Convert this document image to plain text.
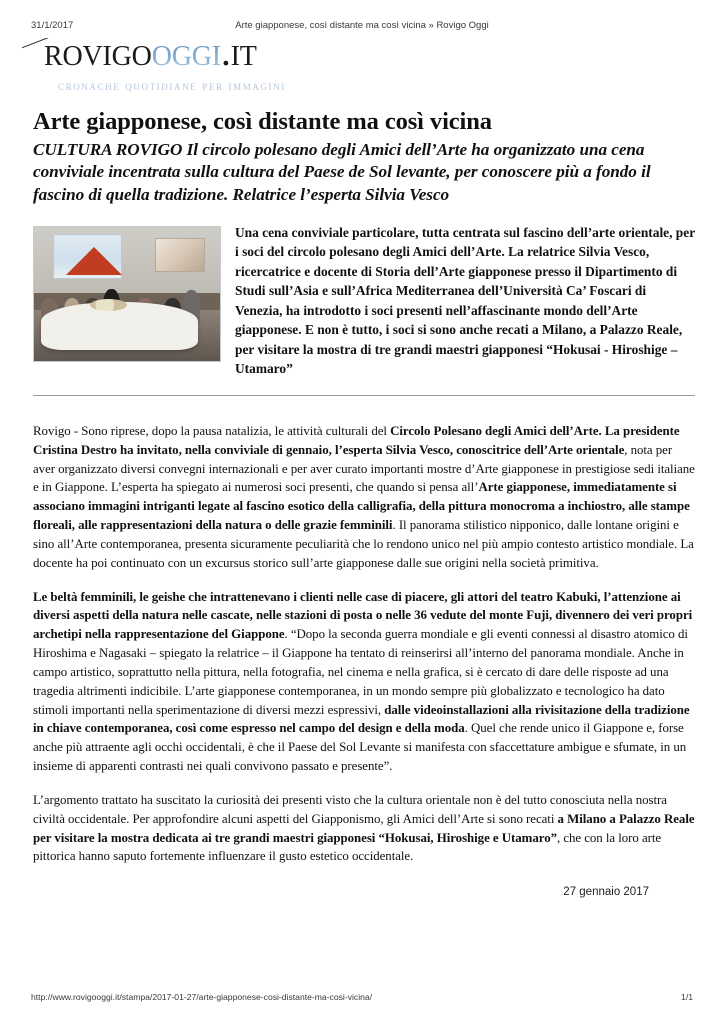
31/1/2017	Arte giapponese, così distante ma così vicina » Rovigo Oggi
rovigooggi.it
cronache quotidiane per immagini
Arte giapponese, così distante ma così vicina

CULTURA ROVIGO Il circolo polesano degli Amici dell’Arte ha organizzato una cena conviviale incentrata sulla cultura del Paese de Sol levante, per conoscere più a fondo il fascino di quella tradizione. Relatrice l’esperta Silvia Vesco

Una cena conviviale particolare, tutta centrata sul fascino dell’arte orientale, per i soci del circolo polesano degli Amici dell’Arte. La relatrice Silvia Vesco, ricercatrice e docente di Storia dell’Arte giapponese presso il Dipartimento di Studi sull’Asia e sull’Africa Mediterranea dell’Università Ca’ Foscari di Venezia, ha introdotto i soci presenti nell’affascinante mondo dell’Arte giapponese. E non è tutto, i soci si sono anche recati a Milano, a Palazzo Reale, per visitare la mostra di tre grandi maestri giapponesi “Hokusai - Hiroshige – Utamaro”

Rovigo - Sono riprese, dopo la pausa natalizia, le attività culturali del Circolo Polesano degli Amici dell’Arte. La presidente Cristina Destro ha invitato, nella conviviale di gennaio, l’esperta Silvia Vesco, conoscitrice dell’Arte orientale, nota per aver organizzato diversi convegni internazionali e per aver curato importanti mostre d’Arte giapponese in prestigiose sedi italiane e in Giappone. L’esperta ha spiegato ai numerosi soci presenti, che quando si pensa all’Arte giapponese, immediatamente si associano immagini intriganti legate al fascino esotico della calligrafia, della pittura monocroma a inchiostro, alle stampe floreali, alle rappresentazioni della natura o delle grazie femminili. Il panorama stilistico nipponico, dalle lontane origini e sino all’Arte contemporanea, presenta sicuramente peculiarità che lo rendono unico nel più ampio contesto artistico mondiale. La docente ha poi continuato con un excursus storico sull’arte giapponese dalle sue origini nella società primitiva.

Le beltà femminili, le geishe che intrattenevano i clienti nelle case di piacere, gli attori del teatro Kabuki, l’attenzione ai diversi aspetti della natura nelle cascate, nelle stazioni di posta o nelle 36 vedute del monte Fuji, divennero dei veri propri archetipi nella rappresentazione del Giappone. “Dopo la seconda guerra mondiale e gli eventi connessi al disastro atomico di Hiroshima e Nagasaki – spiegato la relatrice – il Giappone ha tentato di reinserirsi all’interno del panorama mondiale. Anche in campo artistico, soprattutto nella pittura, nella fotografia, nel cinema e nella grafica, si è cercato di dare delle risposte ad una tragedia altrimenti indicibile. L’arte giapponese contemporanea, in un mondo sempre più globalizzato e tecnologico ha dato stimoli importanti nella sperimentazione di diversi mezzi espressivi, dalle videoinstallazioni alla rivisitazione della tradizione in chiave contemporanea, così come espresso nel campo del design e della moda. Quel che rende unico il Giappone e, forse anche più attraente agli occhi occidentali, è che il Paese del Sol Levante si manifesta con sfaccettature ambigue e sfumate, in un insieme di apparenti contrasti nei quali convivono passato e presente”.

L’argomento trattato ha suscitato la curiosità dei presenti visto che la cultura orientale non è del tutto conosciuta nella nostra civiltà occidentale. Per approfondire alcuni aspetti del Giapponismo, gli Amici dell’Arte si sono recati a Milano a Palazzo Reale per visitare la mostra dedicata ai tre grandi maestri giapponesi “Hokusai, Hiroshige e Utamaro”, che con la loro arte pittorica hanno saputo fortemente influenzare il gusto estetico occidentale.

27 gennaio 2017
http://www.rovigooggi.it/stampa/2017-01-27/arte-giapponese-cosi-distante-ma-cosi-vicina/	1/1
